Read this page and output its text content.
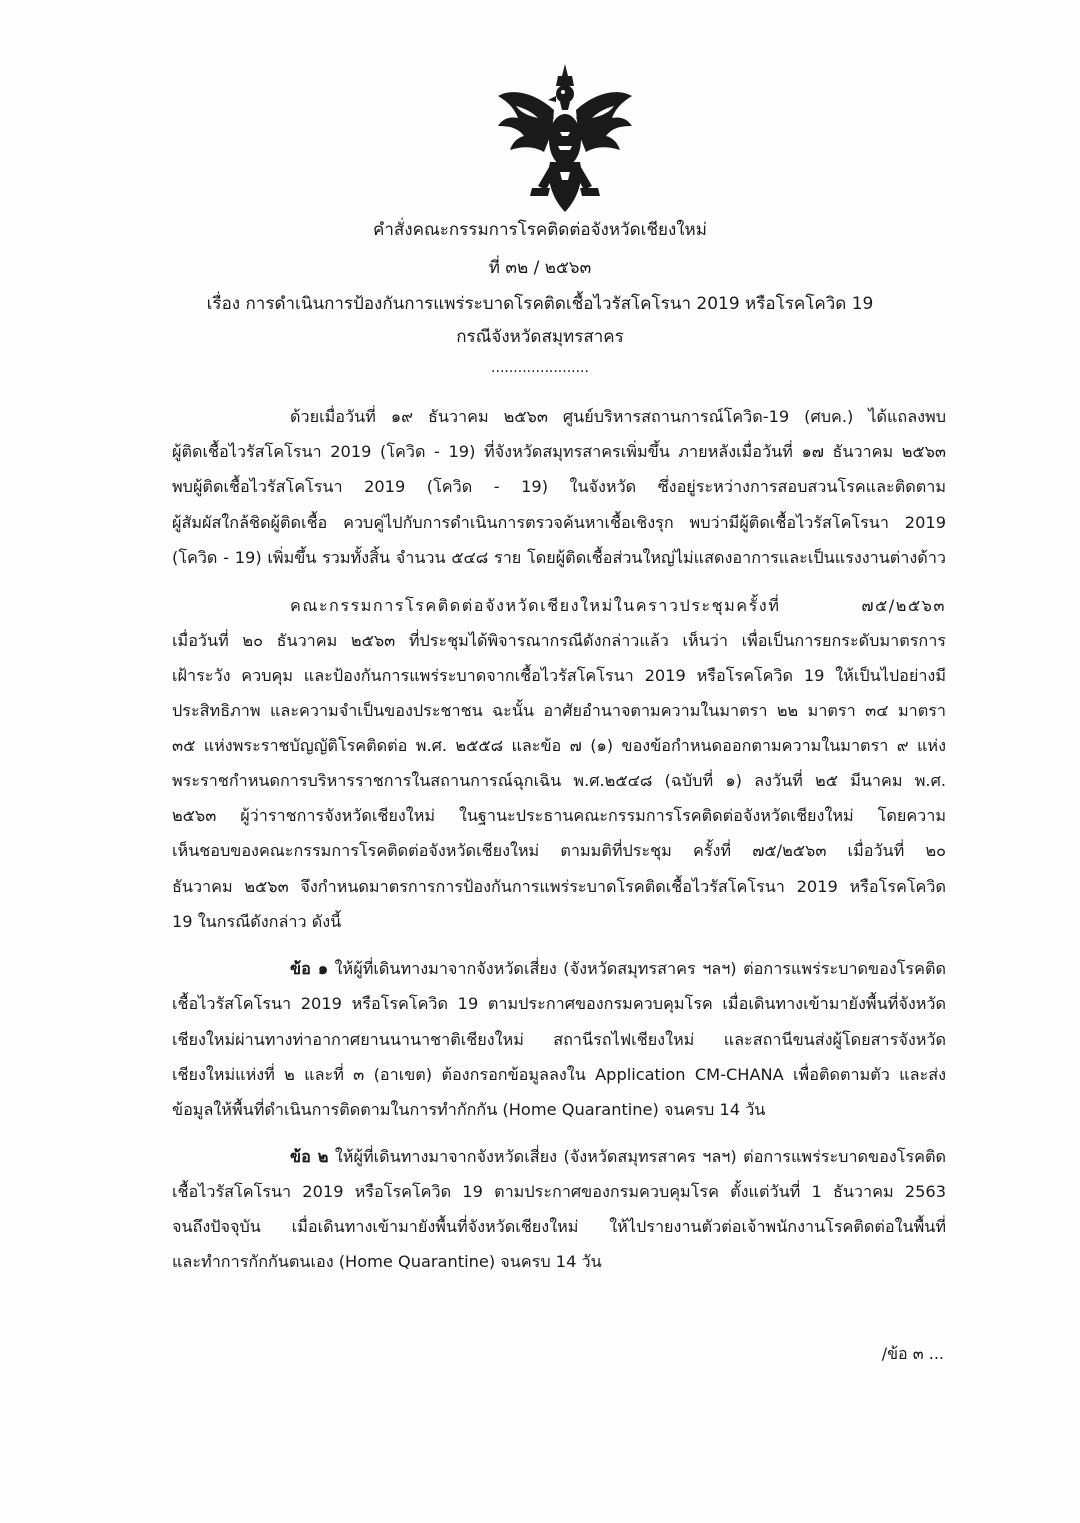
คำสั่งคณะกรรมการโรคติดต่อจังหวัดเชียงใหม่
ที่ ๓๒ / ๒๕๖๓
เรื่อง การดำเนินการป้องกันการแพร่ระบาดโรคติดเชื้อไวรัสโคโรนา 2019 หรือโรคโควิด 19
กรณีจังหวัดสมุทรสาคร
......................
ด้วยเมื่อวันที่ ๑๙ ธันวาคม ๒๕๖๓ ศูนย์บริหารสถานการณ์โควิด-19 (ศบค.) ได้แถลงพบ
ผู้ติดเชื้อไวรัสโคโรนา 2019 (โควิด - 19) ที่จังหวัดสมุทรสาครเพิ่มขึ้น ภายหลังเมื่อวันที่ ๑๗ ธันวาคม ๒๕๖๓
พบผู้ติดเชื้อไวรัสโคโรนา 2019 (โควิด - 19) ในจังหวัด ซึ่งอยู่ระหว่างการสอบสวนโรคและติดตาม
ผู้สัมผัสใกล้ชิดผู้ติดเชื้อ ควบคู่ไปกับการดำเนินการตรวจค้นหาเชื้อเชิงรุก พบว่ามีผู้ติดเชื้อไวรัสโคโรนา 2019
(โควิด - 19) เพิ่มขึ้น รวมทั้งสิ้น จำนวน ๕๔๘ ราย โดยผู้ติดเชื้อส่วนใหญ่ไม่แสดงอาการและเป็นแรงงานต่างด้าว
คณะกรรมการโรคติดต่อจังหวัดเชียงใหม่ในคราวประชุมครั้งที่ ๗๕/๒๕๖๓
เมื่อวันที่ ๒๐ ธันวาคม ๒๕๖๓ ที่ประชุมได้พิจารณากรณีดังกล่าวแล้ว เห็นว่า เพื่อเป็นการยกระดับมาตรการ
เฝ้าระวัง ควบคุม และป้องกันการแพร่ระบาดจากเชื้อไวรัสโคโรนา 2019 หรือโรคโควิด 19 ให้เป็นไปอย่างมี
ประสิทธิภาพ และความจำเป็นของประชาชน ฉะนั้น อาศัยอำนาจตามความในมาตรา ๒๒ มาตรา ๓๔ มาตรา
๓๕ แห่งพระราชบัญญัติโรคติดต่อ พ.ศ. ๒๕๕๘ และข้อ ๗ (๑) ของข้อกำหนดออกตามความในมาตรา ๙ แห่ง
พระราชกำหนดการบริหารราชการในสถานการณ์ฉุกเฉิน พ.ศ.๒๕๔๘ (ฉบับที่ ๑) ลงวันที่ ๒๕ มีนาคม พ.ศ.
๒๕๖๓ ผู้ว่าราชการจังหวัดเชียงใหม่ ในฐานะประธานคณะกรรมการโรคติดต่อจังหวัดเชียงใหม่ โดยความ
เห็นชอบของคณะกรรมการโรคติดต่อจังหวัดเชียงใหม่ ตามมติที่ประชุม ครั้งที่ ๗๕/๒๕๖๓ เมื่อวันที่ ๒๐
ธันวาคม ๒๕๖๓ จึงกำหนดมาตรการการป้องกันการแพร่ระบาดโรคติดเชื้อไวรัสโคโรนา 2019 หรือโรคโควิด
19 ในกรณีดังกล่าว ดังนี้
ข้อ ๑ ให้ผู้ที่เดินทางมาจากจังหวัดเสี่ยง (จังหวัดสมุทรสาคร ฯลฯ) ต่อการแพร่ระบาดของโรคติด
เชื้อไวรัสโคโรนา 2019 หรือโรคโควิด 19 ตามประกาศของกรมควบคุมโรค เมื่อเดินทางเข้ามายังพื้นที่จังหวัด
เชียงใหม่ผ่านทางท่าอากาศยานนานาชาติเชียงใหม่ สถานีรถไฟเชียงใหม่ และสถานีขนส่งผู้โดยสารจังหวัด
เชียงใหม่แห่งที่ ๒ และที่ ๓ (อาเขต) ต้องกรอกข้อมูลลงใน Application CM-CHANA เพื่อติดตามตัว และส่ง
ข้อมูลให้พื้นที่ดำเนินการติดตามในการทำกักกัน (Home Quarantine) จนครบ 14 วัน
ข้อ ๒ ให้ผู้ที่เดินทางมาจากจังหวัดเสี่ยง (จังหวัดสมุทรสาคร ฯลฯ) ต่อการแพร่ระบาดของโรคติด
เชื้อไวรัสโคโรนา 2019 หรือโรคโควิด 19 ตามประกาศของกรมควบคุมโรค ตั้งแต่วันที่ 1 ธันวาคม 2563
จนถึงปัจจุบัน เมื่อเดินทางเข้ามายังพื้นที่จังหวัดเชียงใหม่ ให้ไปรายงานตัวต่อเจ้าพนักงานโรคติดต่อในพื้นที่
และทำการกักกันตนเอง (Home Quarantine) จนครบ 14 วัน
/ข้อ ๓ ...
